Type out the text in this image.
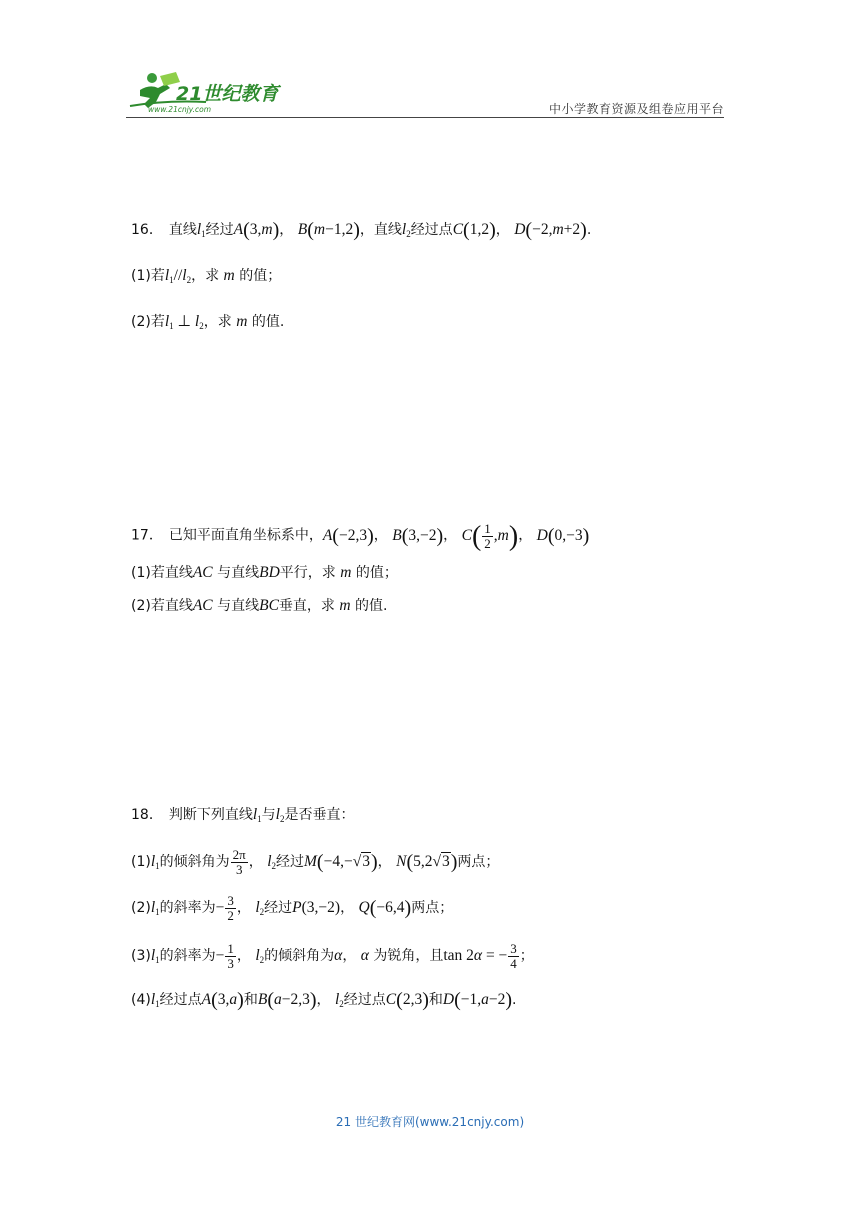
21世纪教育
www.21cnjy.com	中小学教育资源及组卷应用平台
16． 直线$l_1$经过A(3,m)， B(m−1,2)，直线$l_2$经过点C(1,2)， D(−2,m+2).
(1)若$l_1//l_2$，求 m 的值；
(2)若$l_1$ ⊥ $l_2$，求 m 的值.
17． 已知平面直角坐标系中，A(−2,3)， B(3,−2)， $C( \frac{1}{2} ,m)$， D(0,−3)
(1)若直线AC 与直线BD平行，求 m 的值；
(2)若直线AC 与直线BC垂直，求 m 的值.
18． 判断下列直线$l_1$与$l_2$是否垂直：
$(1)l_1$的倾斜角为 $\frac{2\pi}{3}$ ， $l_2$经过M(−4,−√3)， N(5,2√3)两点；
$(2)l_1$的斜率为− $\frac{3}{2}$ ， $l_2$经过P(3,−2)， Q(−6,4)两点；
$(3)l_1$的斜率为− $\frac{1}{3}$ ， $l_2$的倾斜角为α， α 为锐角，且tan 2α = − $\frac{3}{4}$ ；
$(4)l_1$经过点A(3,a)和B(a−2,3)， $l_2$经过点C(2,3)和D(−1,a−2).
21 世纪教育网(www.21cnjy.com)
